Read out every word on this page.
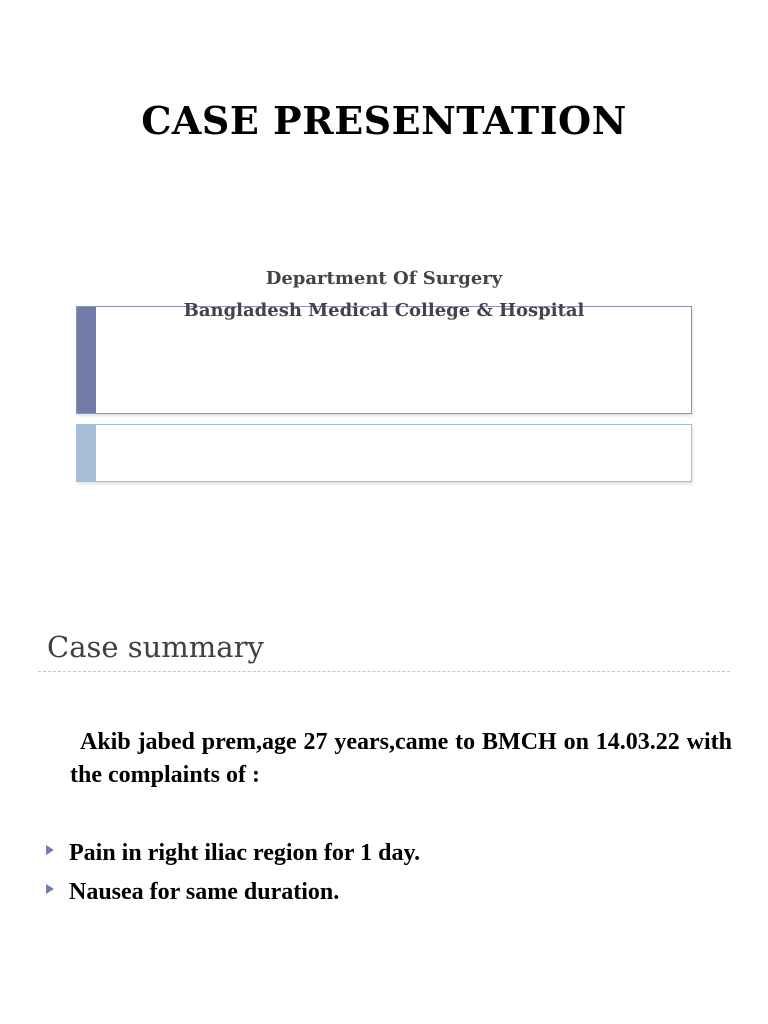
CASE PRESENTATION

Department Of Surgery

Bangladesh Medical College & Hospital

Case summary

Akib jabed prem,age 27 years,came to BMCH on 14.03.22 with the complaints of :

Pain in right iliac region for 1 day.
Nausea for same duration.
